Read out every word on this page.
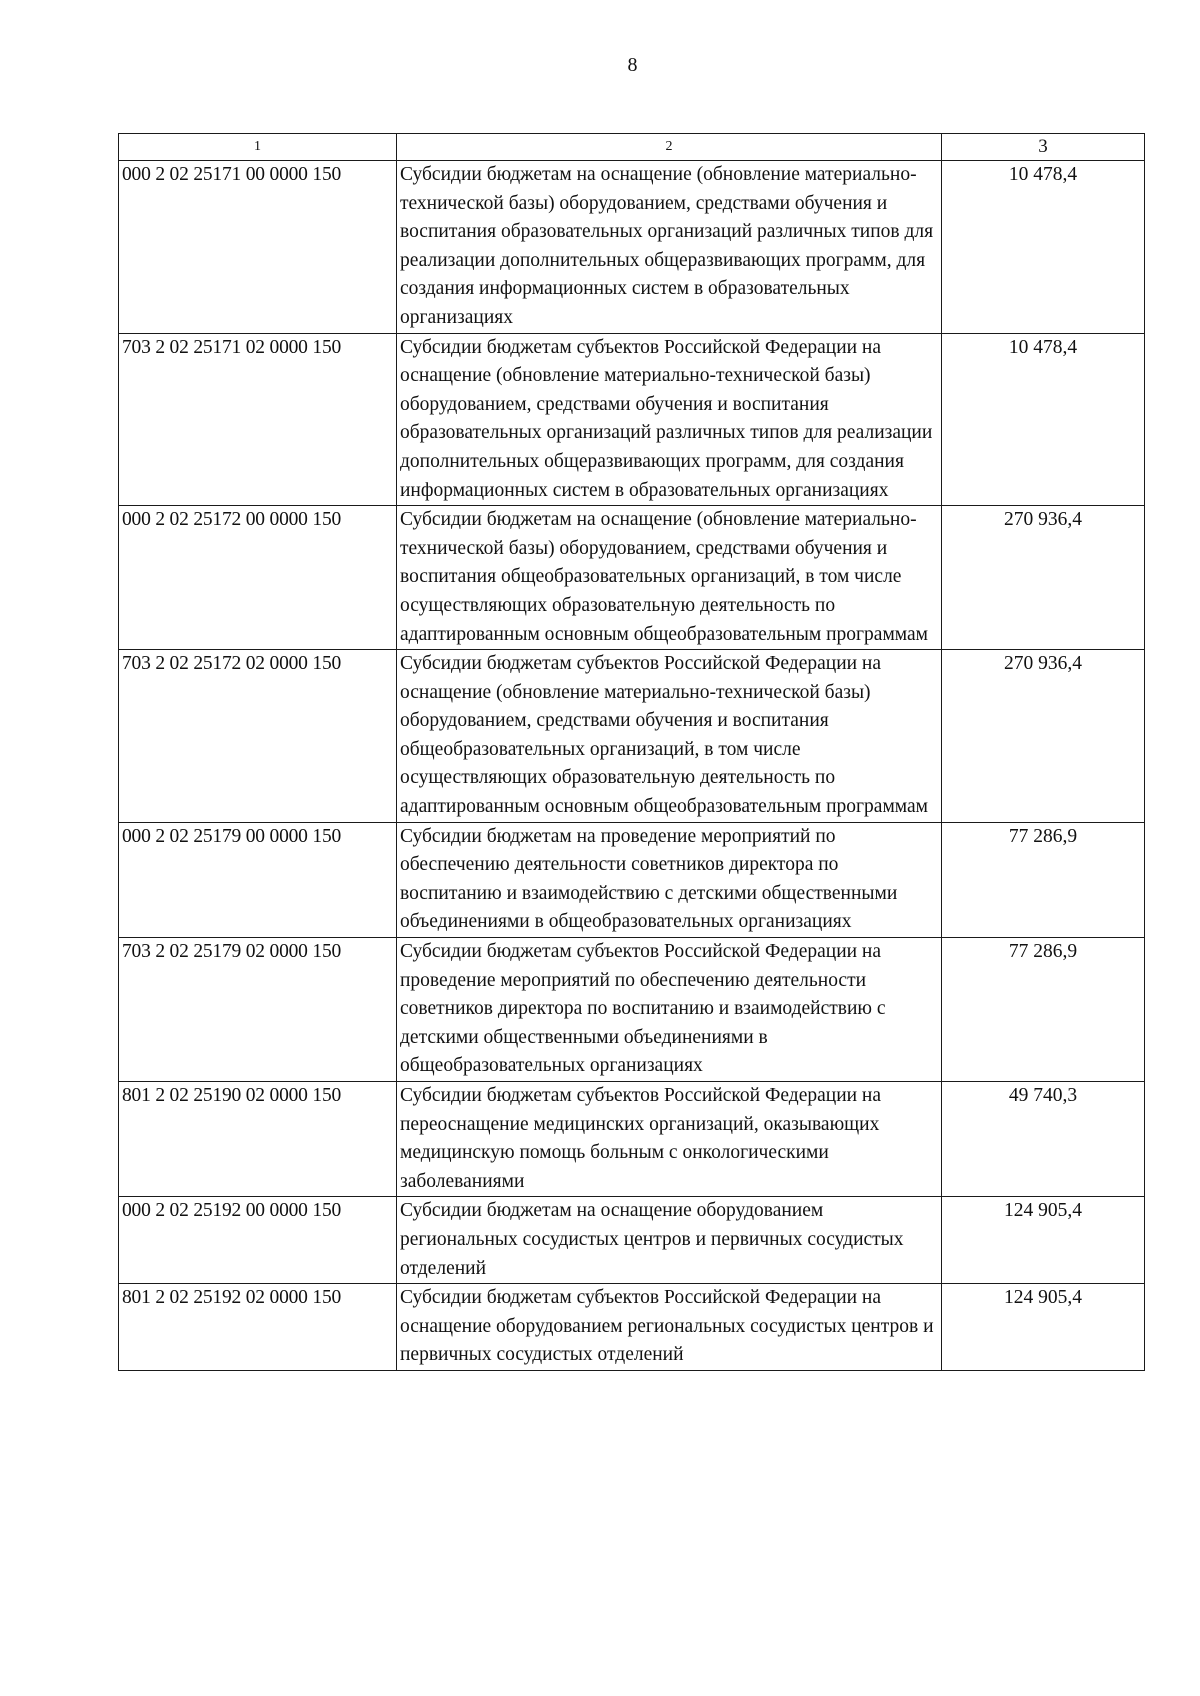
8
1	2	3
000 2 02 25171 00 0000 150	Субсидии бюджетам на оснащение (обновление материально-технической базы) оборудованием, средствами обучения и воспитания образовательных организаций различных типов для реализации дополнительных общеразвивающих программ, для создания информационных систем в образовательных организациях	10 478,4
703 2 02 25171 02 0000 150	Субсидии бюджетам субъектов Российской Федерации на оснащение (обновление материально-технической базы) оборудованием, средствами обучения и воспитания образовательных организаций различных типов для реализации дополнительных общеразвивающих программ, для создания информационных систем в образовательных организациях	10 478,4
000 2 02 25172 00 0000 150	Субсидии бюджетам на оснащение (обновление материально-технической базы) оборудованием, средствами обучения и воспитания общеобразовательных организаций, в том числе осуществляющих образовательную деятельность по адаптированным основным общеобразовательным программам	270 936,4
703 2 02 25172 02 0000 150	Субсидии бюджетам субъектов Российской Федерации на оснащение (обновление материально-технической базы) оборудованием, средствами обучения и воспитания общеобразовательных организаций, в том числе осуществляющих образовательную деятельность по адаптированным основным общеобразовательным программам	270 936,4
000 2 02 25179 00 0000 150	Субсидии бюджетам на проведение мероприятий по обеспечению деятельности советников директора по воспитанию и взаимодействию с детскими общественными объединениями в общеобразовательных организациях	77 286,9
703 2 02 25179 02 0000 150	Субсидии бюджетам субъектов Российской Федерации на проведение мероприятий по обеспечению деятельности советников директора по воспитанию и взаимодействию с детскими общественными объединениями в общеобразовательных организациях	77 286,9
801 2 02 25190 02 0000 150	Субсидии бюджетам субъектов Российской Федерации на переоснащение медицинских организаций, оказывающих медицинскую помощь больным с онкологическими заболеваниями	49 740,3
000 2 02 25192 00 0000 150	Субсидии бюджетам на оснащение оборудованием региональных сосудистых центров и первичных сосудистых отделений	124 905,4
801 2 02 25192 02 0000 150	Субсидии бюджетам субъектов Российской Федерации на оснащение оборудованием региональных сосудистых центров и первичных сосудистых отделений	124 905,4
